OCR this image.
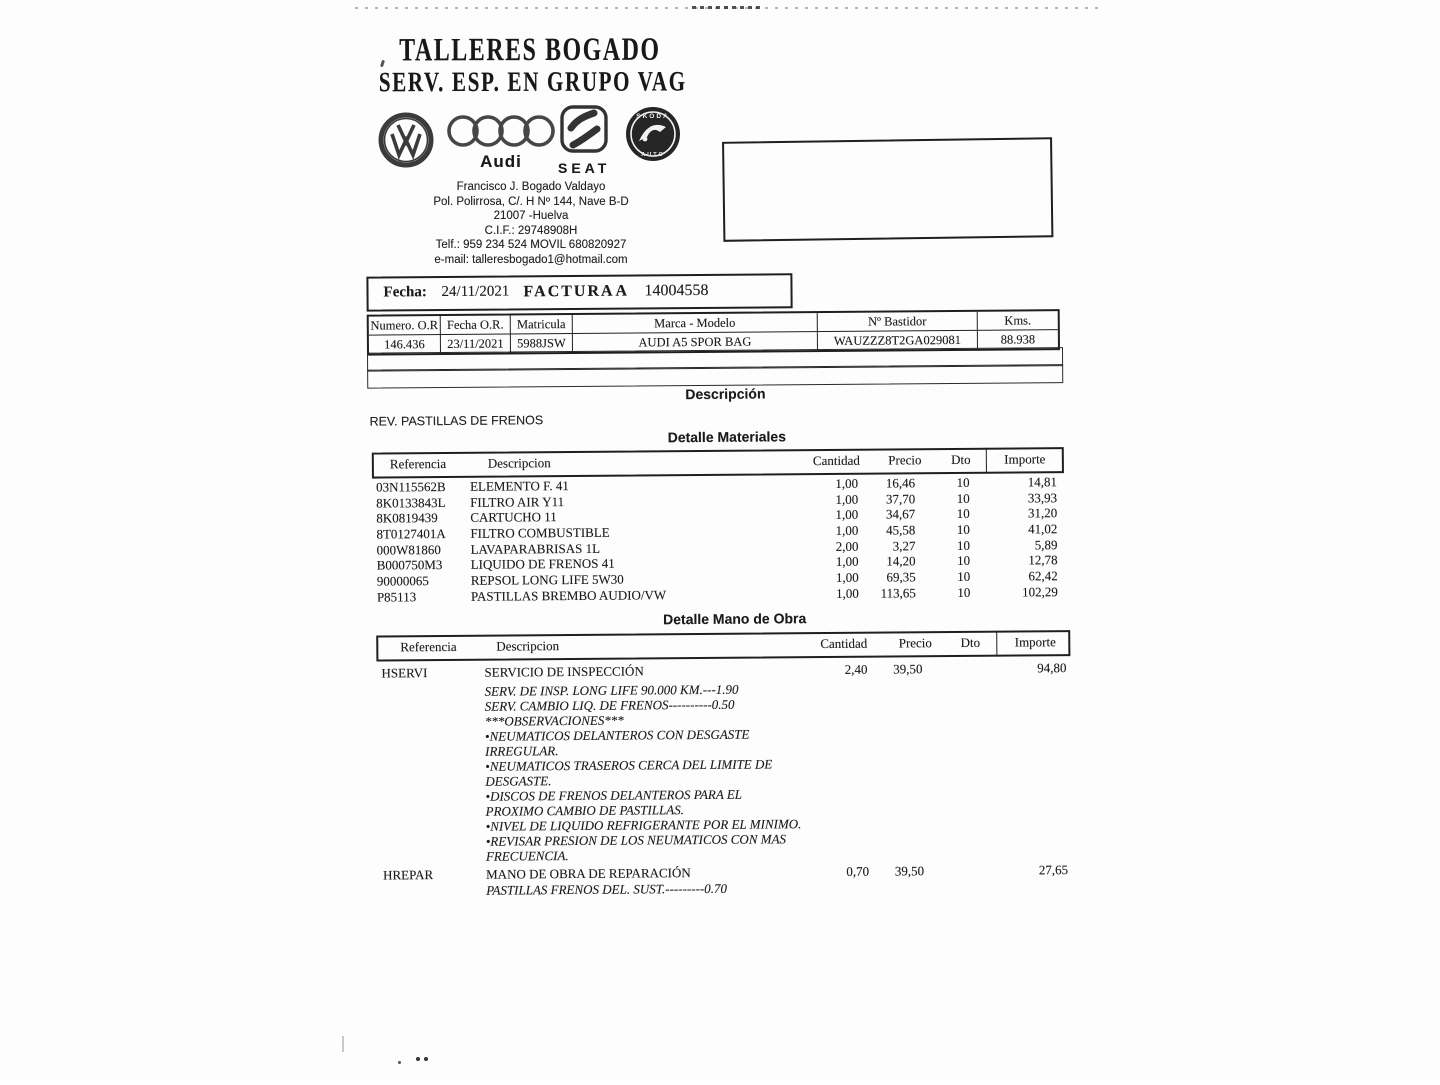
TALLERES BOGADO
SERV. ESP. EN GRUPO VAG
Audi	SEAT
SKODA
AUTO
Francisco J. Bogado Valdayo
Pol. Polirrosa, C/. H Nº 144, Nave B-D
21007 -Huelva
C.I.F.: 29748908H
Telf.: 959 234 524 MOVIL 680820927
e-mail: talleresbogado1@hotmail.com
Fecha: 24/11/2021 FACTURA A 14004558
Numero. O.R Fecha O.R.	Matricula	Marca - Modelo	Nº Bastidor	Kms.
146.436	23/11/2021	5988JSW	AUDI A5 SPOR BAG	WAUZZZ8T2GA029081	88.938
Descripción
REV. PASTILLAS DE FRENOS
Detalle Materiales
Referencia	Descripcion	Cantidad	Precio	Dto	Importe
03N115562B ELEMENTO F. 41	1,00 16,46	10	14,81
8K0133843L FILTRO AIR Y11	1,00 37,70	10	33,93
8K0819439 CARTUCHO 11	1,00 34,67	10	31,20
8T0127401A FILTRO COMBUSTIBLE	1,00 45,58	10	41,02
000W81860 LAVAPARABRISAS 1L	2,00	3,27	10	5,89
B000750M3 LIQUIDO DE FRENOS 41	1,00 14,20	10	12,78
90000065	REPSOL LONG LIFE 5W30	1,00 69,35	10	62,42
P85113	PASTILLAS BREMBO AUDIO/VW	1,00 113,65	10	102,29
Detalle Mano de Obra
Referencia	Descripcion	Cantidad	Precio	Dto	Importe
HSERVI	SERVICIO DE INSPECCIÓN	2,40 39,50	94,80
SERV. DE INSP. LONG LIFE 90.000 KM.---1.90
SERV. CAMBIO LIQ. DE FRENOS----------0.50
***OBSERVACIONES***
•NEUMATICOS DELANTEROS CON DESGASTE
IRREGULAR.
•NEUMATICOS TRASEROS CERCA DEL LIMITE DE
DESGASTE.
•DISCOS DE FRENOS DELANTEROS PARA EL
PROXIMO CAMBIO DE PASTILLAS.
•NIVEL DE LIQUIDO REFRIGERANTE POR EL MINIMO.
•REVISAR PRESION DE LOS NEUMATICOS CON MAS
FRECUENCIA.
HREPAR	MANO DE OBRA DE REPARACIÓN	0,70 39,50	27,65
PASTILLAS FRENOS DEL. SUST.---------0.70
